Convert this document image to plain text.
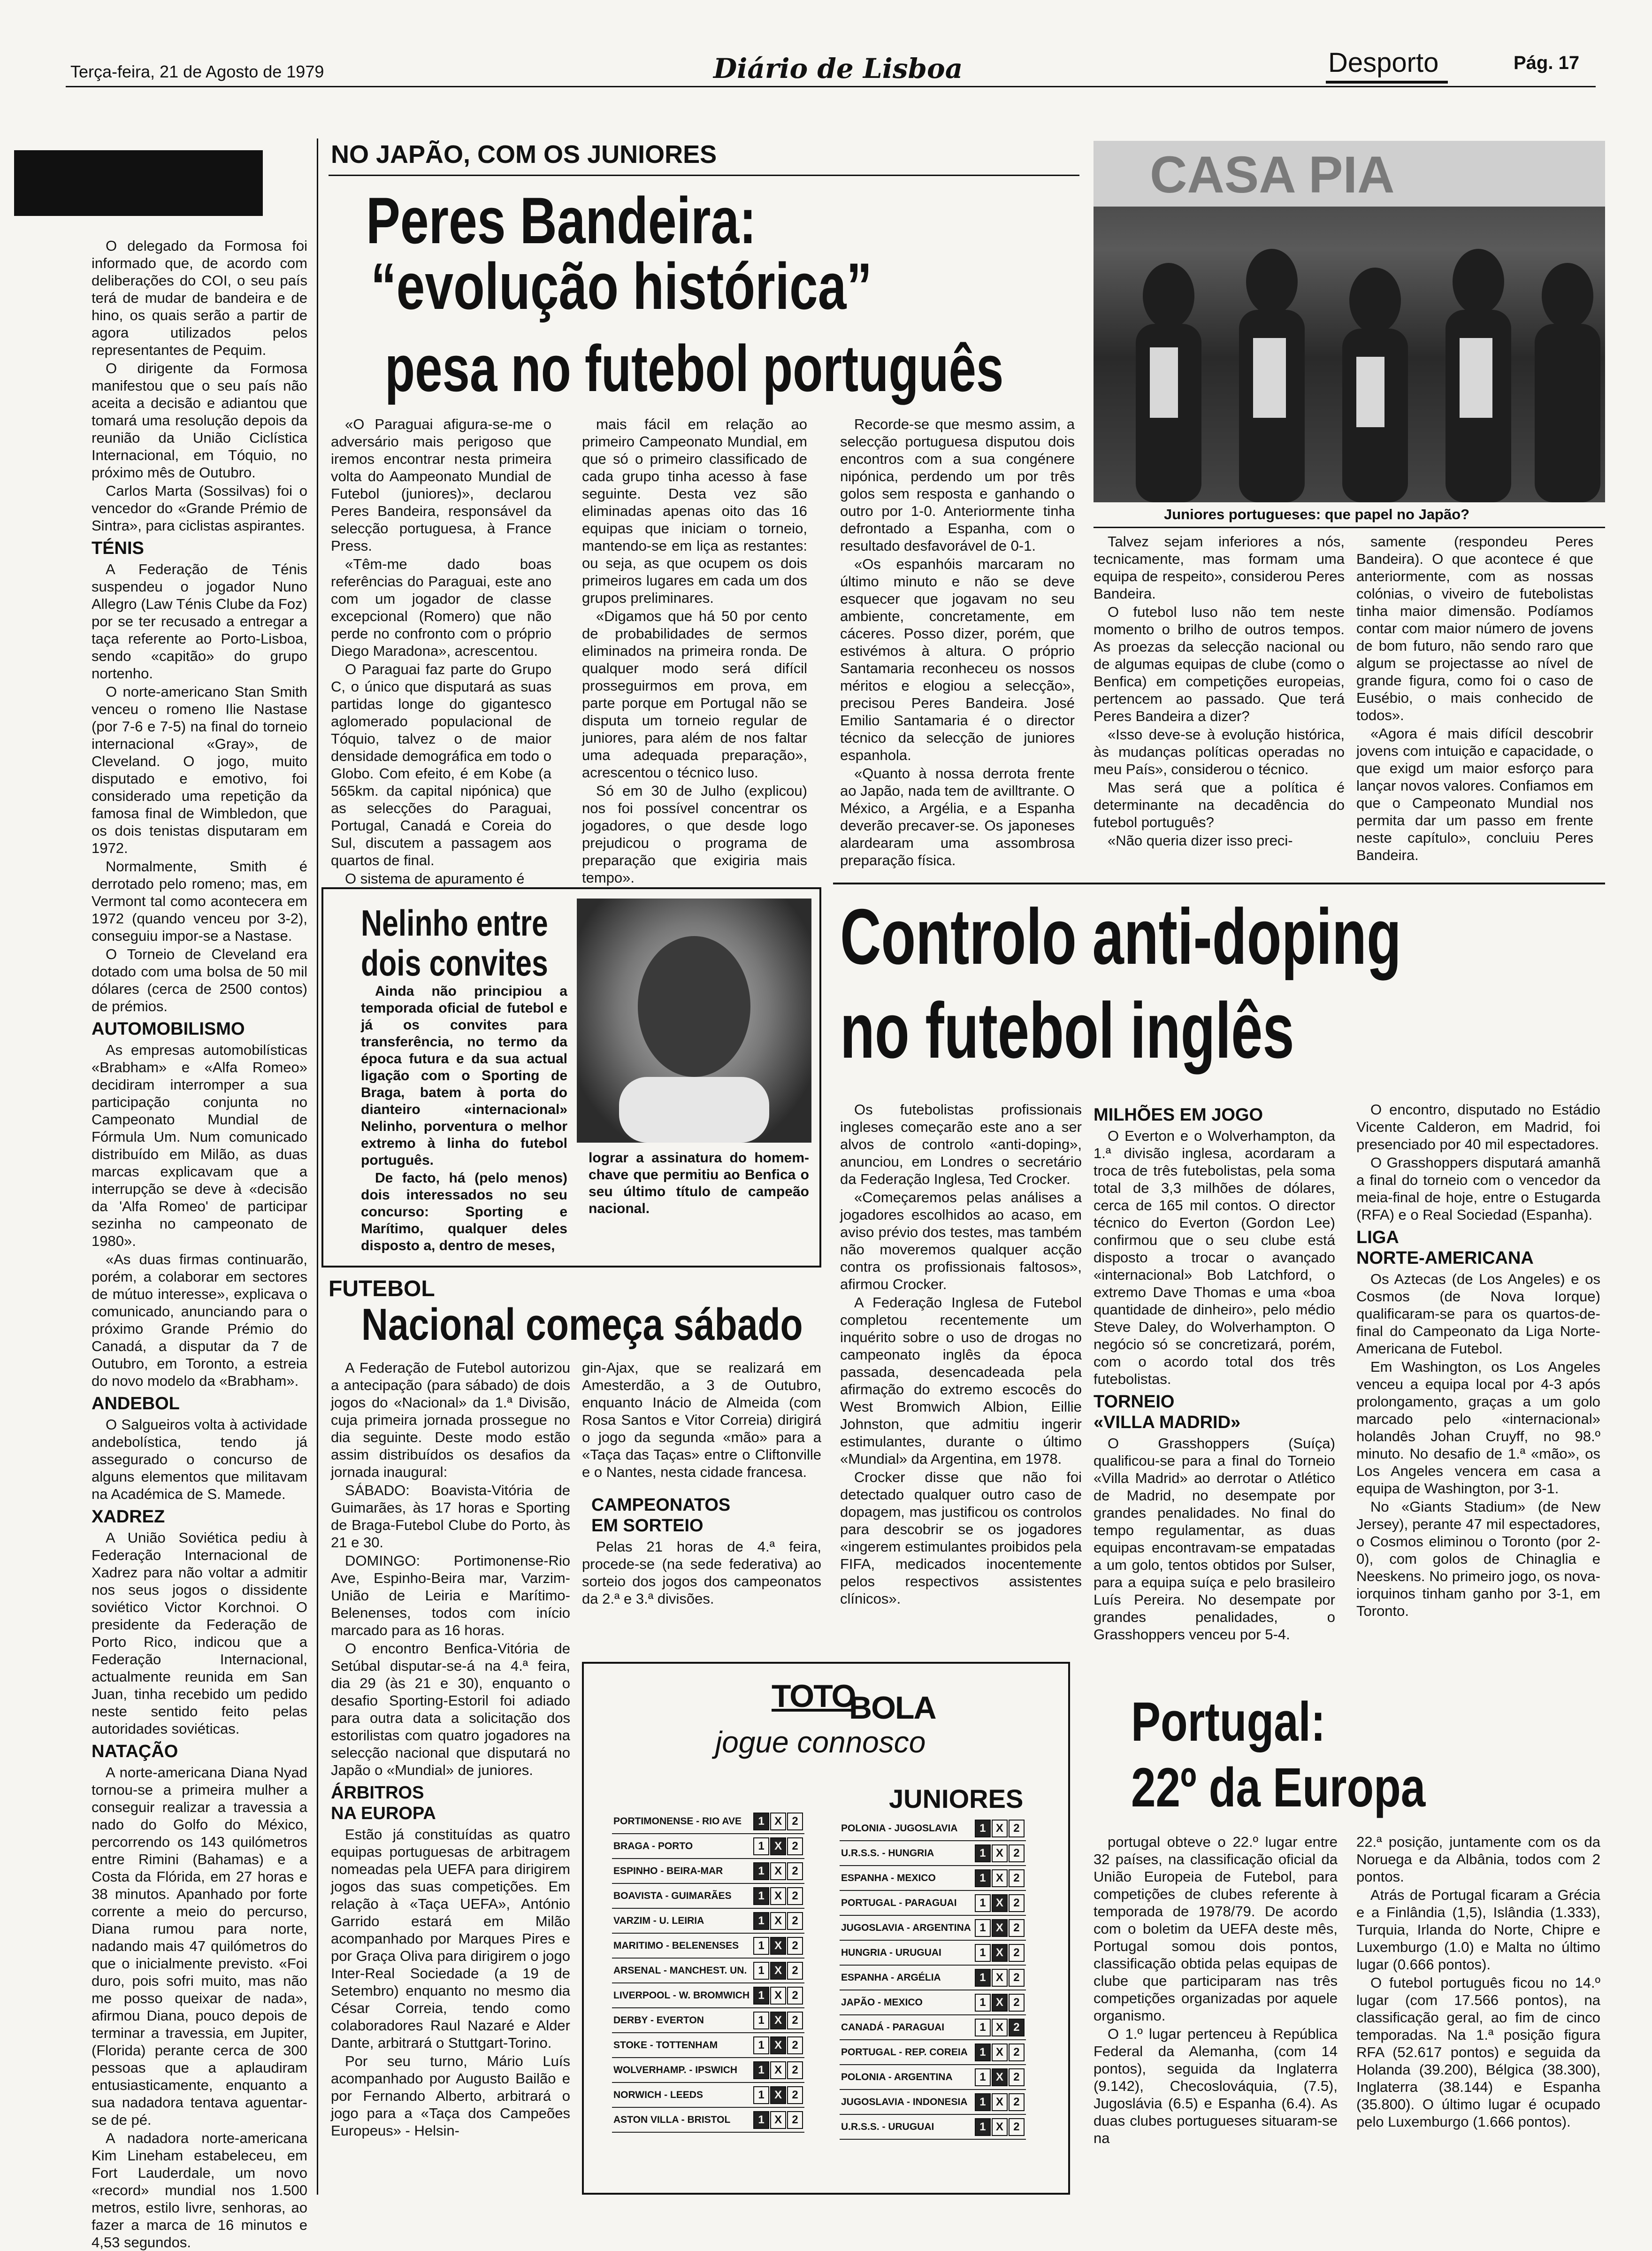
Terça-feira, 21 de Agosto de 1979	Diário de Lisboa	Desporto	Pág. 17

O delegado da Formosa foi informado que, de acordo com deliberações do COI, o seu país terá de mudar de bandeira e de hino, os quais serão a partir de agora utilizados pelos representantes de Pequim.

O dirigente da Formosa manifestou que o seu país não aceita a decisão e adiantou que tomará uma resolução depois da reunião da União Ciclística Internacional, em Tóquio, no próximo mês de Outubro.

Carlos Marta (Sossilvas) foi o vencedor do «Grande Prémio de Sintra», para ciclistas aspirantes.

TÉNIS

A Federação de Ténis suspendeu o jogador Nuno Allegro (Law Ténis Clube da Foz) por se ter recusado a entregar a taça referente ao Porto-Lisboa, sendo «capitão» do grupo nortenho.

O norte-americano Stan Smith venceu o romeno Ilie Nastase (por 7-6 e 7-5) na final do torneio internacional «Gray», de Cleveland. O jogo, muito disputado e emotivo, foi considerado uma repetição da famosa final de Wimbledon, que os dois tenistas disputaram em 1972.

Normalmente, Smith é derrotado pelo romeno; mas, em Vermont tal como acontecera em 1972 (quando venceu por 3-2), conseguiu impor-se a Nastase.

O Torneio de Cleveland era dotado com uma bolsa de 50 mil dólares (cerca de 2500 contos) de prémios.

AUTOMOBILISMO

As empresas automobilísticas «Brabham» e «Alfa Romeo» decidiram interromper a sua participação conjunta no Campeonato Mundial de Fórmula Um. Num comunicado distribuído em Milão, as duas marcas explicavam que a interrupção se deve à «decisão da 'Alfa Romeo' de participar sezinha no campeonato de 1980».

«As duas firmas continuarão, porém, a colaborar em sectores de mútuo interesse», explicava o comunicado, anunciando para o próximo Grande Prémio do Canadá, a disputar da 7 de Outubro, em Toronto, a estreia do novo modelo da «Brabham».

ANDEBOL

O Salgueiros volta à actividade andebolística, tendo já assegurado o concurso de alguns elementos que militavam na Académica de S. Mamede.

XADREZ

A União Soviética pediu à Federação Internacional de Xadrez para não voltar a admitir nos seus jogos o dissidente soviético Victor Korchnoi. O presidente da Federação de Porto Rico, indicou que a Federação Internacional, actualmente reunida em San Juan, tinha recebido um pedido neste sentido feito pelas autoridades soviéticas.

NATAÇÃO

A norte-americana Diana Nyad tornou-se a primeira mulher a conseguir realizar a travessia a nado do Golfo do México, percorrendo os 143 quilómetros entre Rimini (Bahamas) e a Costa da Flórida, em 27 horas e 38 minutos. Apanhado por forte corrente a meio do percurso, Diana rumou para norte, nadando mais 47 quilómetros do que o inicialmente previsto. «Foi duro, pois sofri muito, mas não me posso queixar de nada», afirmou Diana, pouco depois de terminar a travessia, em Jupiter, (Florida) perante cerca de 300 pessoas que a aplaudiram entusiasticamente, enquanto a sua nadadora tentava aguentar-se de pé.

A nadadora norte-americana Kim Lineham estabeleceu, em Fort Lauderdale, um novo «record» mundial nos 1.500 metros, estilo livre, senhoras, ao fazer a marca de 16 minutos e 4,53 segundos.

NO JAPÃO, COM OS JUNIORES
Peres Bandeira:
“evolução histórica”
pesa no futebol português

«O Paraguai afigura-se-me o adversário mais perigoso que iremos encontrar nesta primeira volta do Aampeonato Mundial de Futebol (juniores)», declarou Peres Bandeira, responsável da selecção portuguesa, à France Press.

«Têm-me dado boas referências do Paraguai, este ano com um jogador de classe excepcional (Romero) que não perde no confronto com o próprio Diego Maradona», acrescentou.

O Paraguai faz parte do Grupo C, o único que disputará as suas partidas longe do gigantesco aglomerado populacional de Tóquio, talvez o de maior densidade demográfica em todo o Globo. Com efeito, é em Kobe (a 565km. da capital nipónica) que as selecções do Paraguai, Portugal, Canadá e Coreia do Sul, discutem a passagem aos quartos de final.

O sistema de apuramento é

mais fácil em relação ao primeiro Campeonato Mundial, em que só o primeiro classificado de cada grupo tinha acesso à fase seguinte. Desta vez são eliminadas apenas oito das 16 equipas que iniciam o torneio, mantendo-se em liça as restantes: ou seja, as que ocupem os dois primeiros lugares em cada um dos grupos preliminares.

«Digamos que há 50 por cento de probabilidades de sermos eliminados na primeira ronda. De qualquer modo será difícil prosseguirmos em prova, em parte porque em Portugal não se disputa um torneio regular de juniores, para além de nos faltar uma adequada preparação», acrescentou o técnico luso.

Só em 30 de Julho (explicou) nos foi possível concentrar os jogadores, o que desde logo prejudicou o programa de preparação que exigiria mais tempo».

Recorde-se que mesmo assim, a selecção portuguesa disputou dois encontros com a sua congénere nipónica, perdendo um por três golos sem resposta e ganhando o outro por 1-0. Anteriormente tinha defrontado a Espanha, com o resultado desfavorável de 0-1.

«Os espanhóis marcaram no último minuto e não se deve esquecer que jogavam no seu ambiente, concretamente, em cáceres. Posso dizer, porém, que estivémos à altura. O próprio Santamaria reconheceu os nossos méritos e elogiou a selecção», precisou Peres Bandeira. José Emilio Santamaria é o director técnico da selecção de juniores espanhola.

«Quanto à nossa derrota frente ao Japão, nada tem de avilltrante. O México, a Argélia, e a Espanha deverão precaver-se. Os japoneses alardearam uma assombrosa preparação física.

CASA PIA
Juniores portugueses: que papel no Japão?

Talvez sejam inferiores a nós, tecnicamente, mas formam uma equipa de respeito», considerou Peres Bandeira.

O futebol luso não tem neste momento o brilho de outros tempos. As proezas da selecção nacional ou de algumas equipas de clube (como o Benfica) em competições europeias, pertencem ao passado. Que terá Peres Bandeira a dizer?

«Isso deve-se à evolução histórica, às mudanças políticas operadas no meu País», considerou o técnico.

Mas será que a política é determinante na decadência do futebol português?

«Não queria dizer isso preci-

samente (respondeu Peres Bandeira). O que acontece é que anteriormente, com as nossas colónias, o viveiro de futebolistas tinha maior dimensão. Podíamos contar com maior número de jovens de bom futuro, não sendo raro que algum se projectasse ao nível de grande figura, como foi o caso de Eusébio, o mais conhecido de todos».

«Agora é mais difícil descobrir jovens com intuição e capacidade, o que exigd um maior esforço para lançar novos valores. Confiamos em que o Campeonato Mundial nos permita dar um passo em frente neste capítulo», concluiu Peres Bandeira.

Nelinho entre
dois convites

Ainda não principiou a temporada oficial de futebol e já os convites para transferência, no termo da época futura e da sua actual ligação com o Sporting de Braga, batem à porta do dianteiro «internacional» Nelinho, porventura o melhor extremo à linha do futebol português.

De facto, há (pelo menos) dois interessados no seu concurso: Sporting e Marítimo, qualquer deles disposto a, dentro de meses,

lograr a assinatura do homem-chave que permitiu ao Benfica o seu último título de campeão nacional.

FUTEBOL
Nacional começa sábado

A Federação de Futebol autorizou a antecipação (para sábado) de dois jogos do «Nacional» da 1.ª Divisão, cuja primeira jornada prossegue no dia seguinte. Deste modo estão assim distribuídos os desafios da jornada inaugural:

SÁBADO: Boavista-Vitória de Guimarães, às 17 horas e Sporting de Braga-Futebol Clube do Porto, às 21 e 30.

DOMINGO: Portimonense-Rio Ave, Espinho-Beira mar, Varzim-União de Leiria e Marítimo-Belenenses, todos com início marcado para as 16 horas.

O encontro Benfica-Vitória de Setúbal disputar-se-á na 4.ª feira, dia 29 (às 21 e 30), enquanto o desafio Sporting-Estoril foi adiado para outra data a solicitação dos estorilistas com quatro jogadores na selecção nacional que disputará no Japão o «Mundial» de juniores.

ÁRBITROS
NA EUROPA

Estão já constituídas as quatro equipas portuguesas de arbitragem nomeadas pela UEFA para dirigirem jogos das suas competições. Em relação à «Taça UEFA», António Garrido estará em Milão acompanhado por Marques Pires e por Graça Oliva para dirigirem o jogo Inter-Real Sociedade (a 19 de Setembro) enquanto no mesmo dia César Correia, tendo como colaboradores Raul Nazaré e Alder Dante, arbitrará o Stuttgart-Torino.

Por seu turno, Mário Luís acompanhado por Augusto Bailão e por Fernando Alberto, arbitrará o jogo para a «Taça dos Campeões Europeus» - Helsin-

gin-Ajax, que se realizará em Amesterdão, a 3 de Outubro, enquanto Inácio de Almeida (com Rosa Santos e Vitor Correia) dirigirá o jogo da segunda «mão» para a «Taça das Taças» entre o Cliftonville e o Nantes, nesta cidade francesa.

CAMPEONATOS
EM SORTEIO

Pelas 21 horas de 4.ª feira, procede-se (na sede federativa) ao sorteio dos jogos dos campeonatos da 2.ª e 3.ª divisões.

TOTO
BOLA
jogue connosco
JUNIORES
PORTIMONENSE - RIO AVE	1 X 2
BRAGA - PORTO	1 X 2
ESPINHO - BEIRA-MAR	1 X 2
BOAVISTA - GUIMARÃES	1 X 2
VARZIM - U. LEIRIA	1 X 2
MARITIMO - BELENENSES	1 X 2
ARSENAL - MANCHEST. UN.	1 X 2
LIVERPOOL - W. BROMWICH	1 X 2
DERBY - EVERTON	1 X 2
STOKE - TOTTENHAM	1 X 2
WOLVERHAMP. - IPSWICH	1 X 2
NORWICH - LEEDS	1 X 2
ASTON VILLA - BRISTOL	1 X 2
POLONIA - JUGOSLAVIA	1 X 2
U.R.S.S. - HUNGRIA	1 X 2
ESPANHA - MEXICO	1 X 2
PORTUGAL - PARAGUAI	1 X 2
JUGOSLAVIA - ARGENTINA	1 X 2
HUNGRIA - URUGUAI	1 X 2
ESPANHA - ARGÉLIA	1 X 2
JAPÃO - MEXICO	1 X 2
CANADÁ - PARAGUAI	1 X 2
PORTUGAL - REP. COREIA	1 X 2
POLONIA - ARGENTINA	1 X 2
JUGOSLAVIA - INDONESIA	1 X 2
U.R.S.S. - URUGUAI	1 X 2
Controlo anti-doping
no futebol inglês

Os futebolistas profissionais ingleses começarão este ano a ser alvos de controlo «anti-doping», anunciou, em Londres o secretário da Federação Inglesa, Ted Crocker.

«Começaremos pelas análises a jogadores escolhidos ao acaso, em aviso prévio dos testes, mas também não moveremos qualquer acção contra os profissionais faltosos», afirmou Crocker.

A Federação Inglesa de Futebol completou recentemente um inquérito sobre o uso de drogas no campeonato inglês da época passada, desencadeada pela afirmação do extremo escocês do West Bromwich Albion, Eillie Johnston, que admitiu ingerir estimulantes, durante o último «Mundial» da Argentina, em 1978.

Crocker disse que não foi detectado qualquer outro caso de dopagem, mas justificou os controlos para descobrir se os jogadores «ingerem estimulantes proibidos pela FIFA, medicados inocentemente pelos respectivos assistentes clínicos».

MILHÕES EM JOGO

O Everton e o Wolverhampton, da 1.ª divisão inglesa, acordaram a troca de três futebolistas, pela soma total de 3,3 milhões de dólares, cerca de 165 mil contos. O director técnico do Everton (Gordon Lee) confirmou que o seu clube está disposto a trocar o avançado «internacional» Bob Latchford, o extremo Dave Thomas e uma «boa quantidade de dinheiro», pelo médio Steve Daley, do Wolverhampton. O negócio só se concretizará, porém, com o acordo total dos três futebolistas.

TORNEIO
«VILLA MADRID»

O Grasshoppers (Suíça) qualificou-se para a final do Torneio «Villa Madrid» ao derrotar o Atlético de Madrid, no desempate por grandes penalidades. No final do tempo regulamentar, as duas equipas encontravam-se empatadas a um golo, tentos obtidos por Sulser, para a equipa suíça e pelo brasileiro Luís Pereira. No desempate por grandes penalidades, o Grasshoppers venceu por 5-4.

O encontro, disputado no Estádio Vicente Calderon, em Madrid, foi presenciado por 40 mil espectadores.

O Grasshoppers disputará amanhã a final do torneio com o vencedor da meia-final de hoje, entre o Estugarda (RFA) e o Real Sociedad (Espanha).

LIGA
NORTE-AMERICANA

Os Aztecas (de Los Angeles) e os Cosmos (de Nova Iorque) qualificaram-se para os quartos-de-final do Campeonato da Liga Norte-Americana de Futebol.

Em Washington, os Los Angeles venceu a equipa local por 4-3 após prolongamento, graças a um golo marcado pelo «internacional» holandês Johan Cruyff, no 98.º minuto. No desafio de 1.ª «mão», os Los Angeles vencera em casa a equipa de Washington, por 3-1.

No «Giants Stadium» (de New Jersey), perante 47 mil espectadores, o Cosmos eliminou o Toronto (por 2-0), com golos de Chinaglia e Neeskens. No primeiro jogo, os nova-iorquinos tinham ganho por 3-1, em Toronto.

Portugal:
22º da Europa

portugal obteve o 22.º lugar entre 32 países, na classificação oficial da União Europeia de Futebol, para competições de clubes referente à temporada de 1978/79. De acordo com o boletim da UEFA deste mês, Portugal somou dois pontos, classificação obtida pelas equipas de clube que participaram nas três competições organizadas por aquele organismo.

O 1.º lugar pertenceu à República Federal da Alemanha, (com 14 pontos), seguida da Inglaterra (9.142), Checoslováquia, (7.5), Jugoslávia (6.5) e Espanha (6.4). As duas clubes portugueses situaram-se na

22.ª posição, juntamente com os da Noruega e da Albânia, todos com 2 pontos.

Atrás de Portugal ficaram a Grécia e a Finlândia (1,5), Islândia (1.333), Turquia, Irlanda do Norte, Chipre e Luxemburgo (1.0) e Malta no último lugar (0.666 pontos).

O futebol português ficou no 14.º lugar (com 17.566 pontos), na classificação geral, ao fim de cinco temporadas. Na 1.ª posição figura RFA (52.617 pontos) e seguida da Holanda (39.200), Bélgica (38.300), Inglaterra (38.144) e Espanha (35.800). O último lugar é ocupado pelo Luxemburgo (1.666 pontos).
